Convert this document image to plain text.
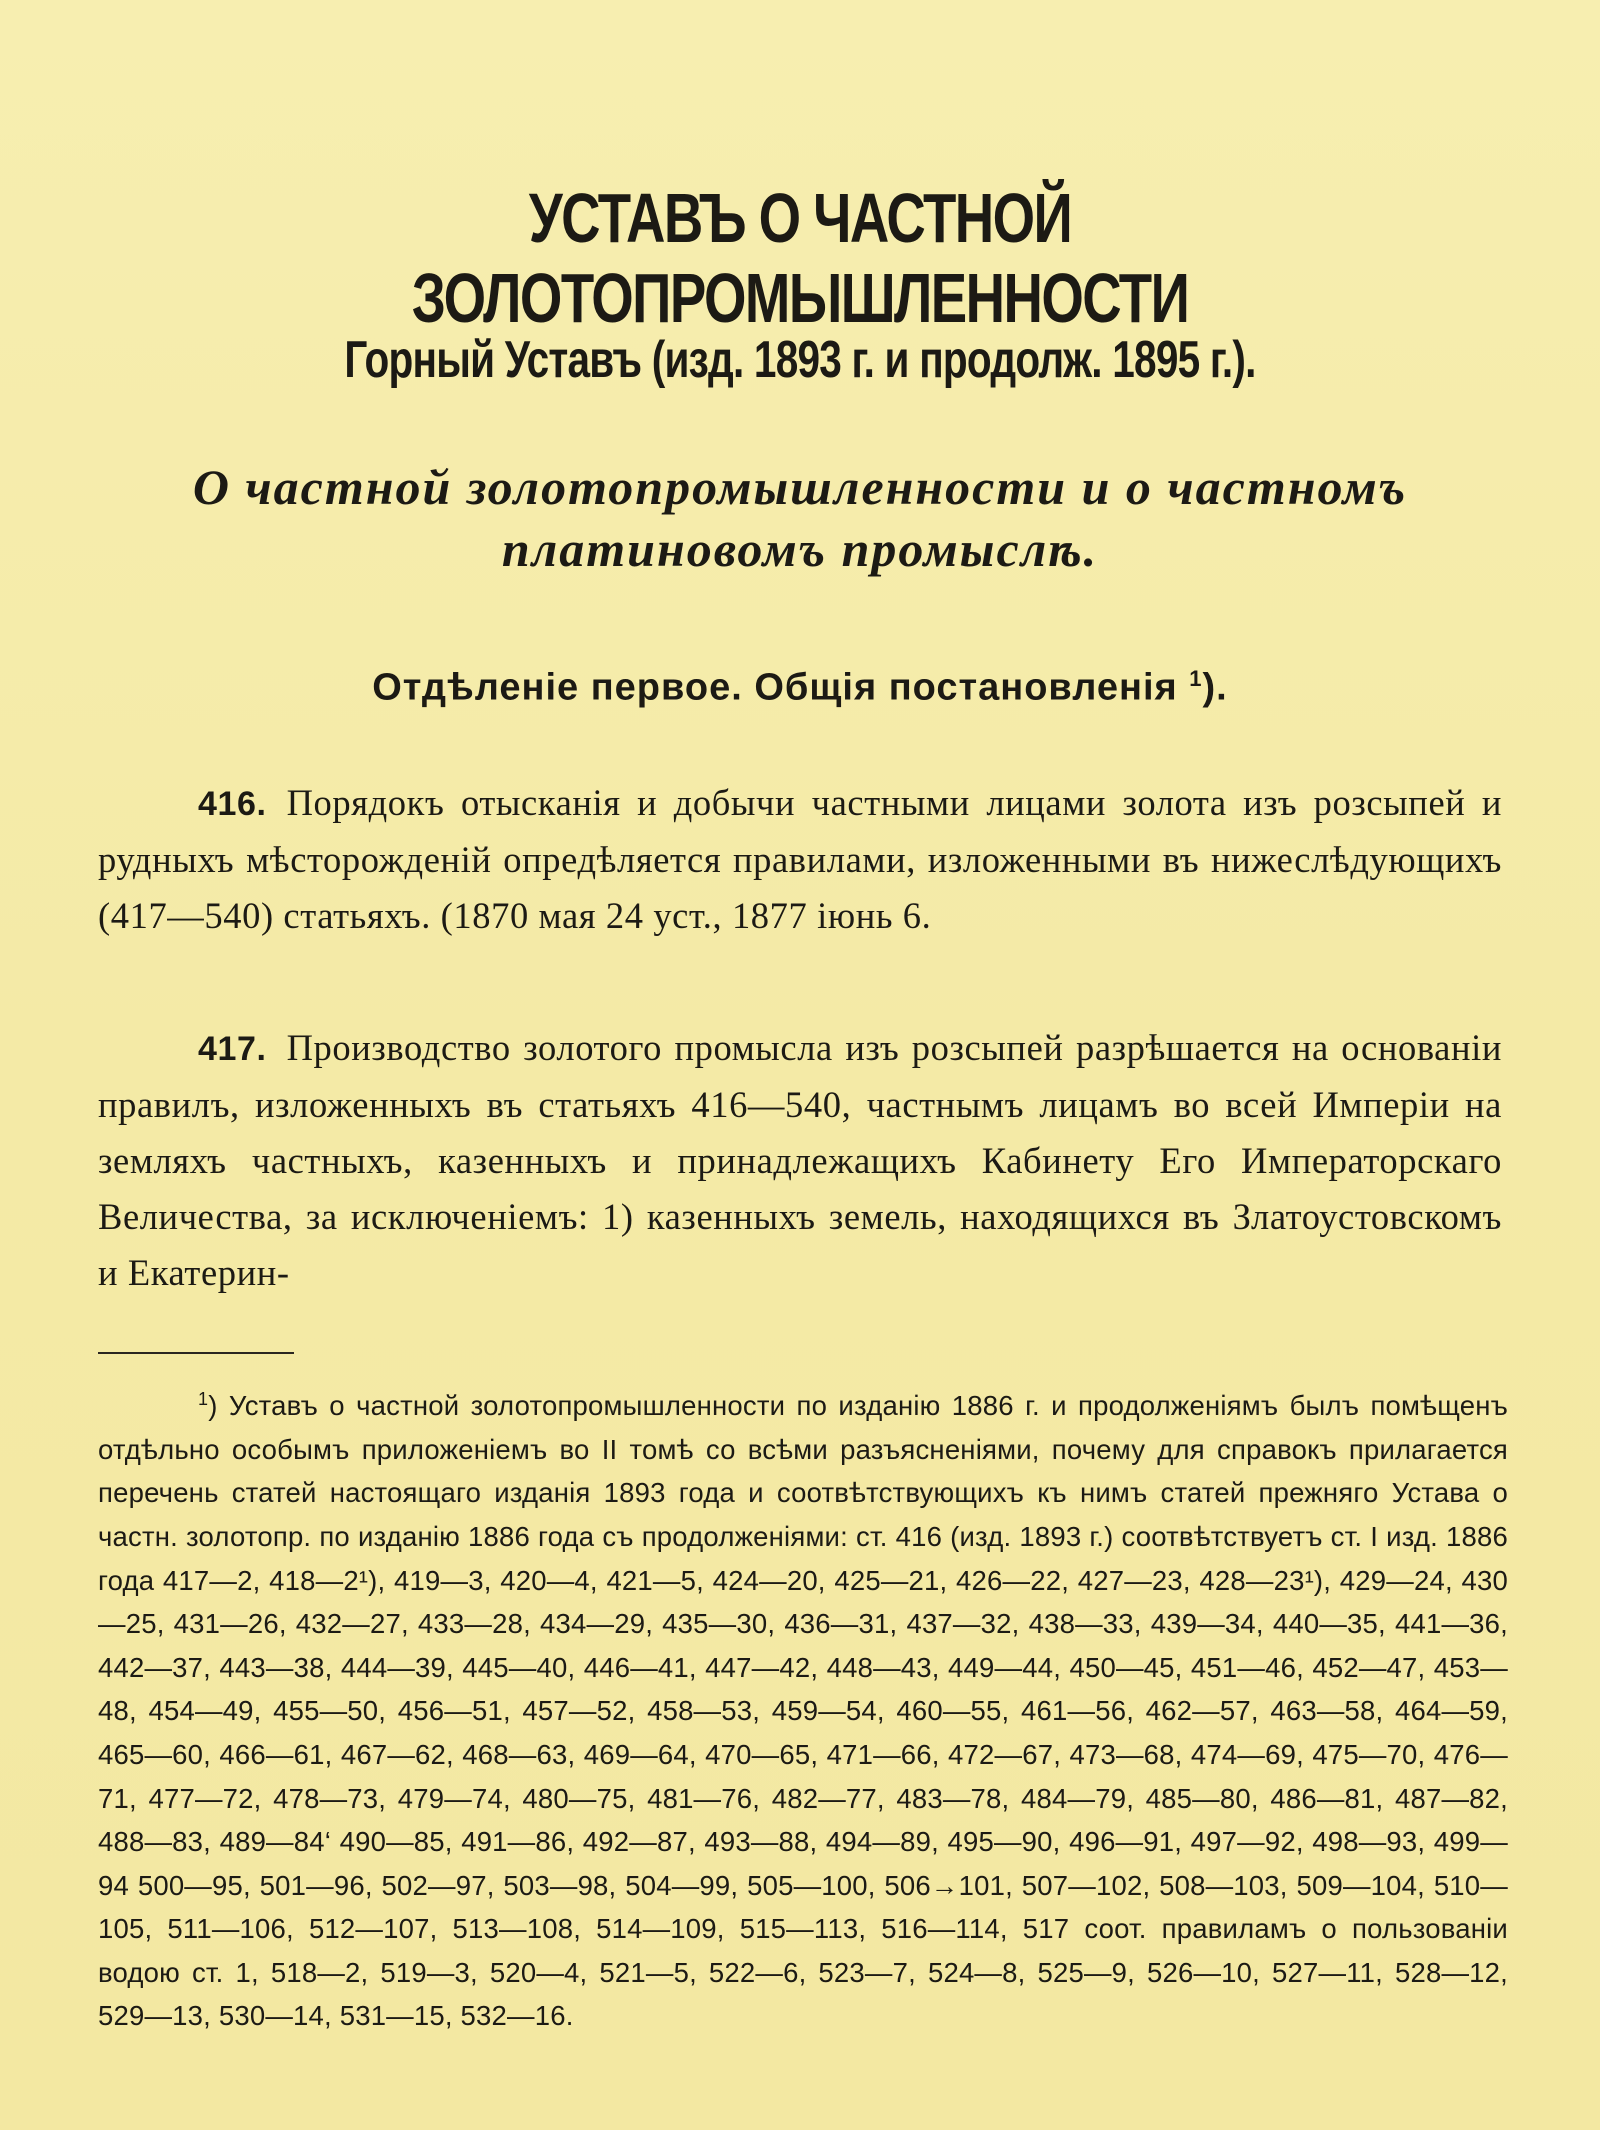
УСТАВЪ О ЧАСТНОЙ ЗОЛОТОПРОМЫШЛЕННОСТИ
Горный Уставъ (изд. 1893 г. и продолж. 1895 г.).
О частной золотопромышленности и о частномъ платиновомъ промыслѣ.
Отдѣленіе первое. Общія постановленія $^1$).

416. Порядокъ отысканія и добычи частными лицами золота изъ розсыпей и рудныхъ мѣсторожденій опредѣляется правилами, изложенными въ нижеслѣдующихъ (417—540) статьяхъ. (1870 мая 24 уст., 1877 іюнь 6.

417. Производство золотого промысла изъ розсыпей разрѣшается на основаніи правилъ, изложенныхъ въ статьяхъ 416—540, частнымъ лицамъ во всей Имперіи на земляхъ частныхъ, казенныхъ и принадлежащихъ Кабинету Его Императорскаго Величества, за исключеніемъ: 1) казенныхъ земель, находящихся въ Златоустовскомъ и Екатерин-

$^1$) Уставъ о частной золотопромышленности по изданію 1886 г. и продолженіямъ былъ помѣщенъ отдѣльно особымъ приложеніемъ во II томѣ со всѣми разъясненіями, почему для справокъ прилагается перечень статей настоящаго изданія 1893 года и соотвѣтствующихъ къ нимъ статей прежняго Устава о частн. золотопр. по изданію 1886 года съ продолженіями: ст. 416 (изд. 1893 г.) соотвѣтствуетъ ст. I изд. 1886 года 417—2, 418—2¹), 419—3, 420—4, 421—5, 424—20, 425—21, 426—22, 427—23, 428—23¹), 429—24, 430—25, 431—26, 432—27, 433—28, 434—29, 435—30, 436—31, 437—32, 438—33, 439—34, 440—35, 441—36, 442—37, 443—38, 444—39, 445—40, 446—41, 447—42, 448—43, 449—44, 450—45, 451—46, 452—47, 453—48, 454—49, 455—50, 456—51, 457—52, 458—53, 459—54, 460—55, 461—56, 462—57, 463—58, 464—59, 465—60, 466—61, 467—62, 468—63, 469—64, 470—65, 471—66, 472—67, 473—68, 474—69, 475—70, 476—71, 477—72, 478—73, 479—74, 480—75, 481—76, 482—77, 483—78, 484—79, 485—80, 486—81, 487—82, 488—83, 489—84‘ 490—85, 491—86, 492—87, 493—88, 494—89, 495—90, 496—91, 497—92, 498—93, 499—94 500—95, 501—96, 502—97, 503—98, 504—99, 505—100, 506→101, 507—102, 508—103, 509—104, 510—105, 511—106, 512—107, 513—108, 514—109, 515—113, 516—114, 517 соот. правиламъ о пользованіи водою ст. 1, 518—2, 519—3, 520—4, 521—5, 522—6, 523—7, 524—8, 525—9, 526—10, 527—11, 528—12, 529—13, 530—14, 531—15, 532—16.
